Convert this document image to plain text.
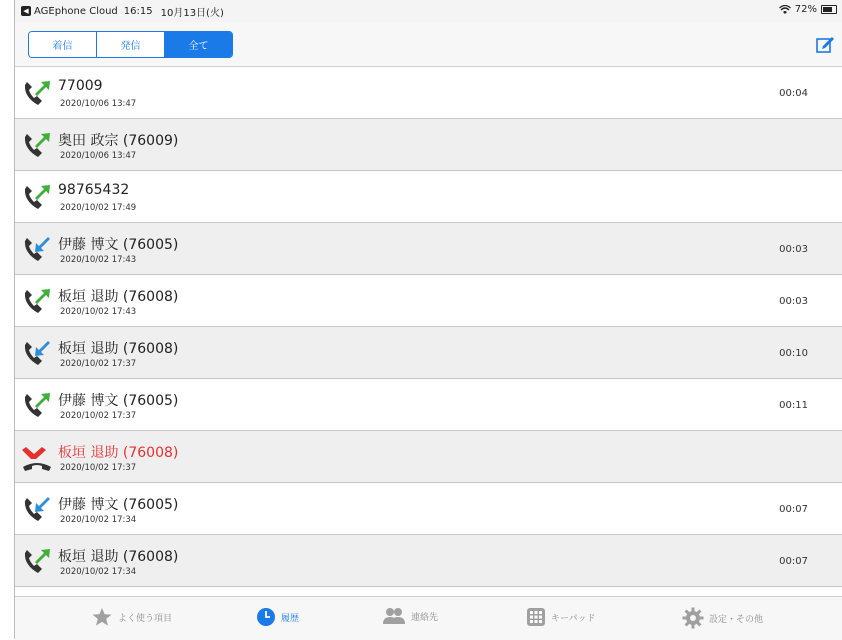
◀ AGEphone Cloud 16:15 10月13日(火)	72%
着信	発信	全て
77009
2020/10/06 13:47
00:04
奥田 政宗 (76009)
2020/10/06 13:47
98765432
2020/10/02 17:49
伊藤 博文 (76005)
2020/10/02 17:43
00:03
板垣 退助 (76008)
2020/10/02 17:43
00:03
板垣 退助 (76008)
2020/10/02 17:37
00:10
伊藤 博文 (76005)
2020/10/02 17:37
00:11
板垣 退助 (76008)
2020/10/02 17:37
伊藤 博文 (76005)
2020/10/02 17:34
00:07
板垣 退助 (76008)
2020/10/02 17:34
00:07
よく使う項目	履歴	連絡先	キーパッド	設定・その他
